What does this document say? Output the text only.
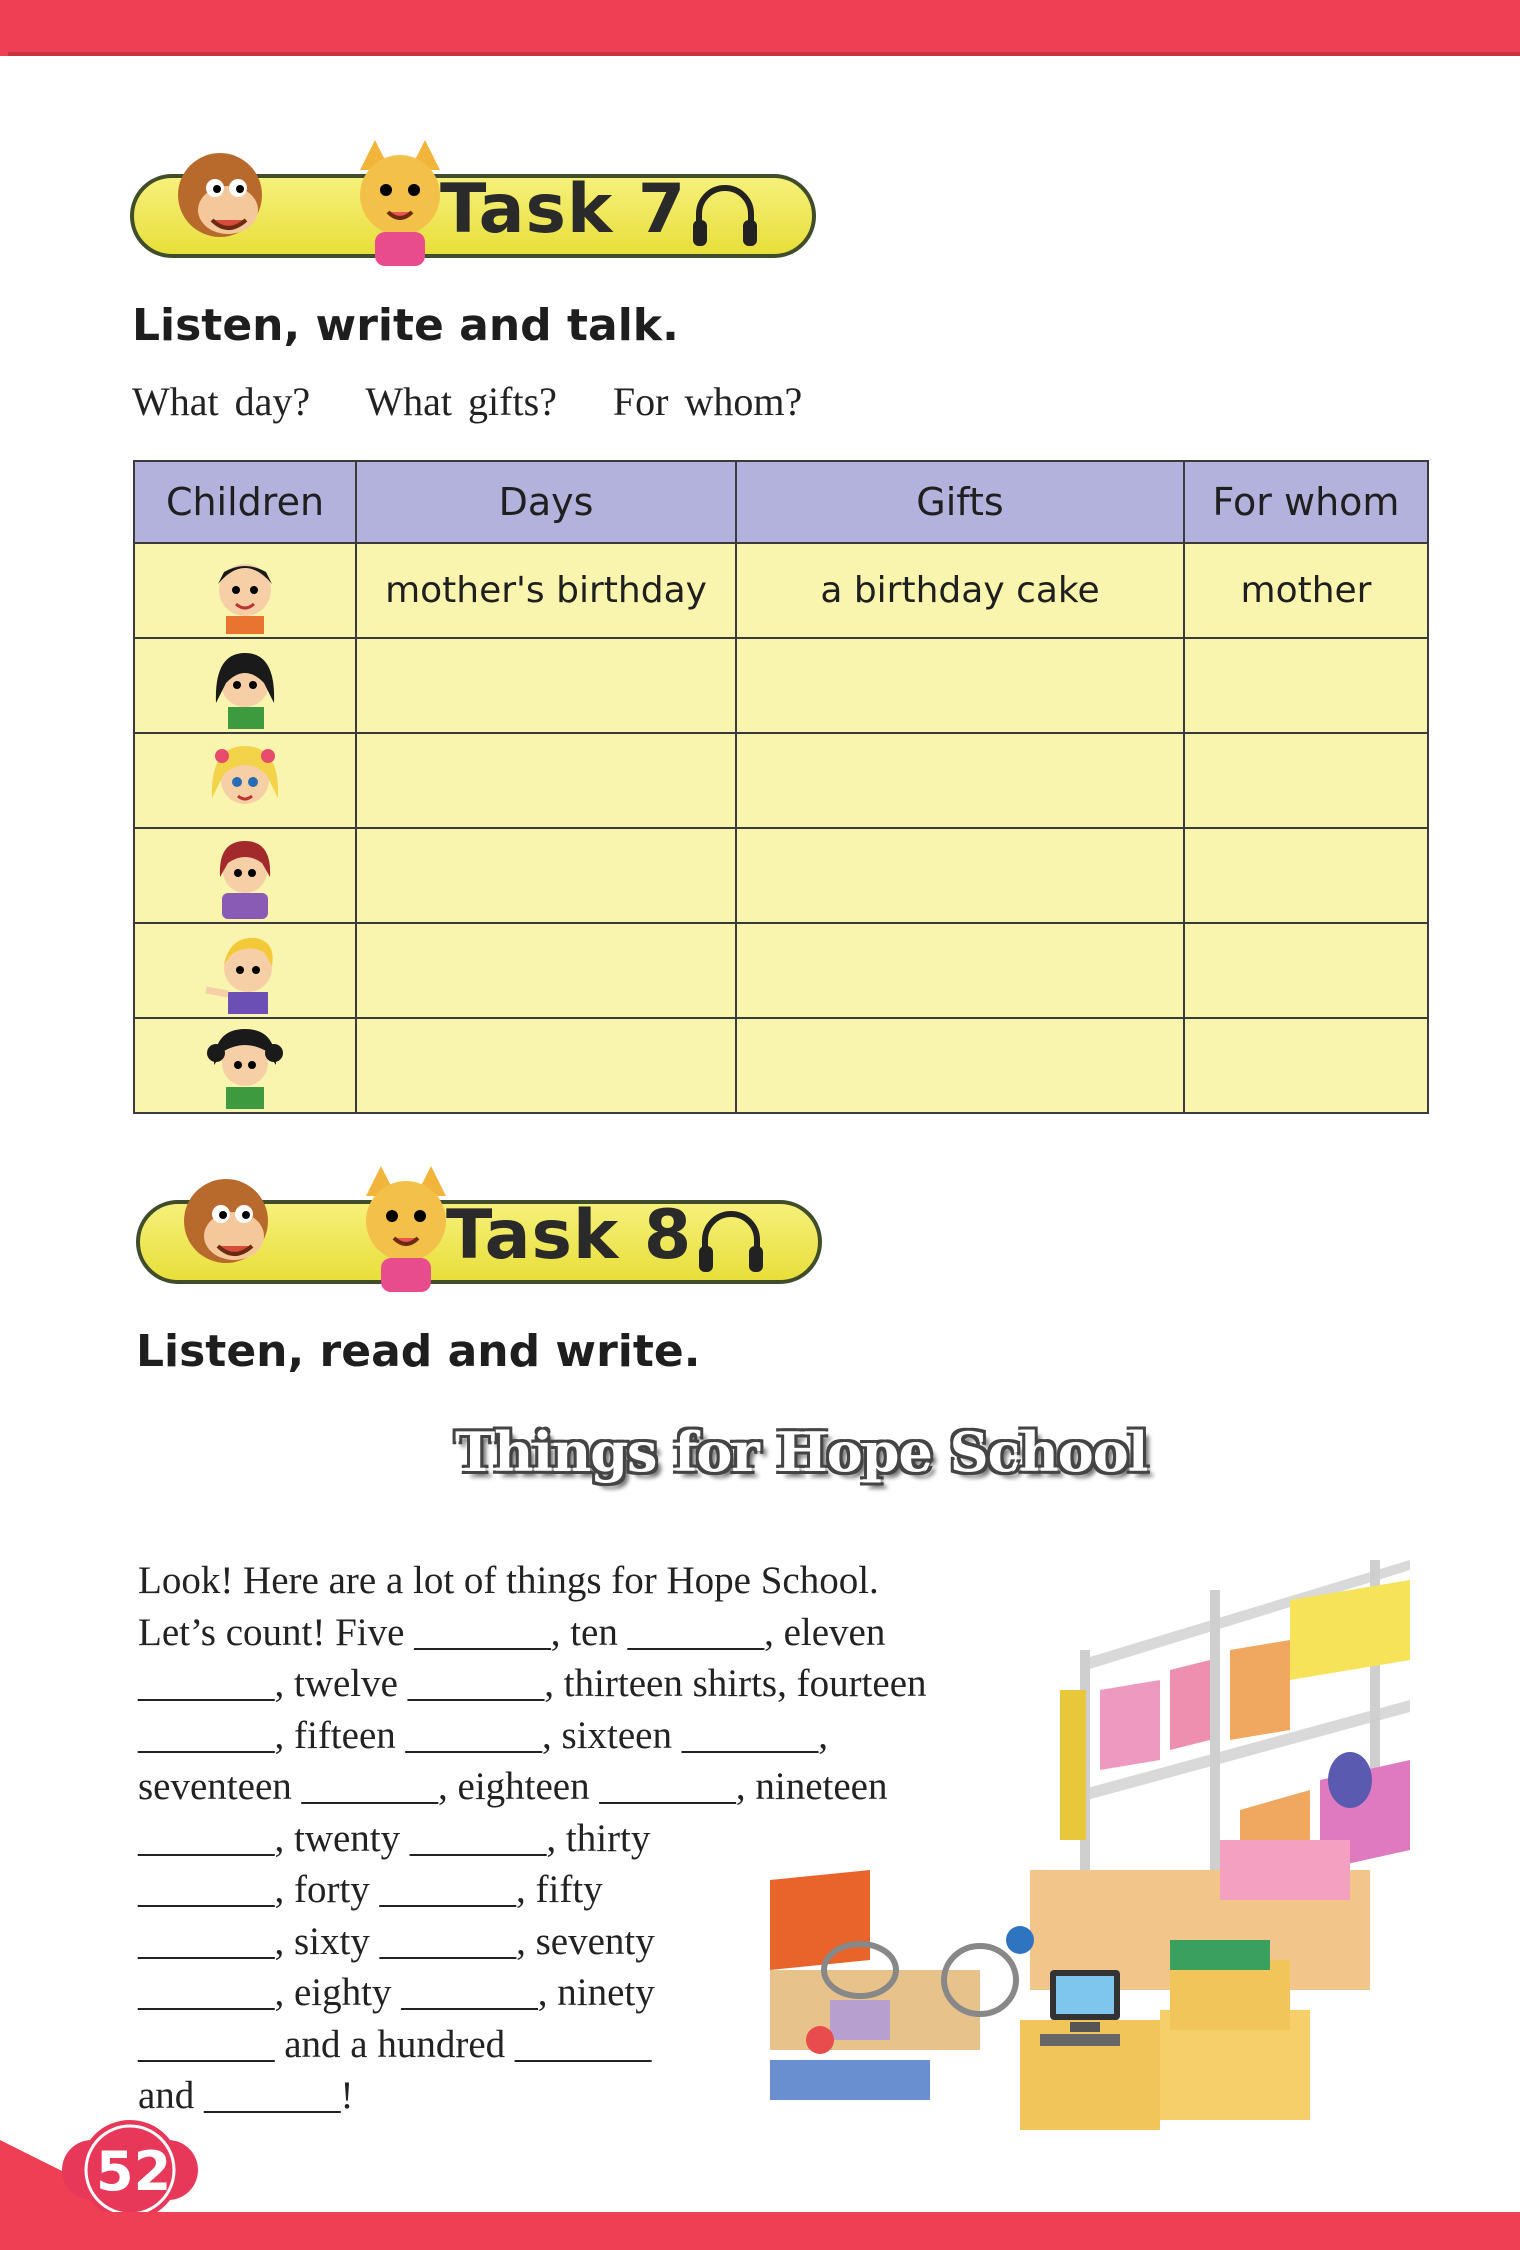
Task 7
Listen, write and talk.
What day? What gifts? For whom?
Children	Days	Gifts	For whom

	mother's birthday	a birthday cake	mother

Task 8
Listen, read and write.
Things for Hope School
Look! Here are a lot of things for Hope School.
Let’s count! Five _______, ten _______, eleven
_______, twelve _______, thirteen shirts, fourteen
_______, fifteen _______, sixteen _______,
seventeen _______, eighteen _______, nineteen
_______, twenty _______, thirty
_______, forty _______, fifty
_______, sixty _______, seventy
_______, eighty _______, ninety
_______ and a hundred _______
and _______!
52
